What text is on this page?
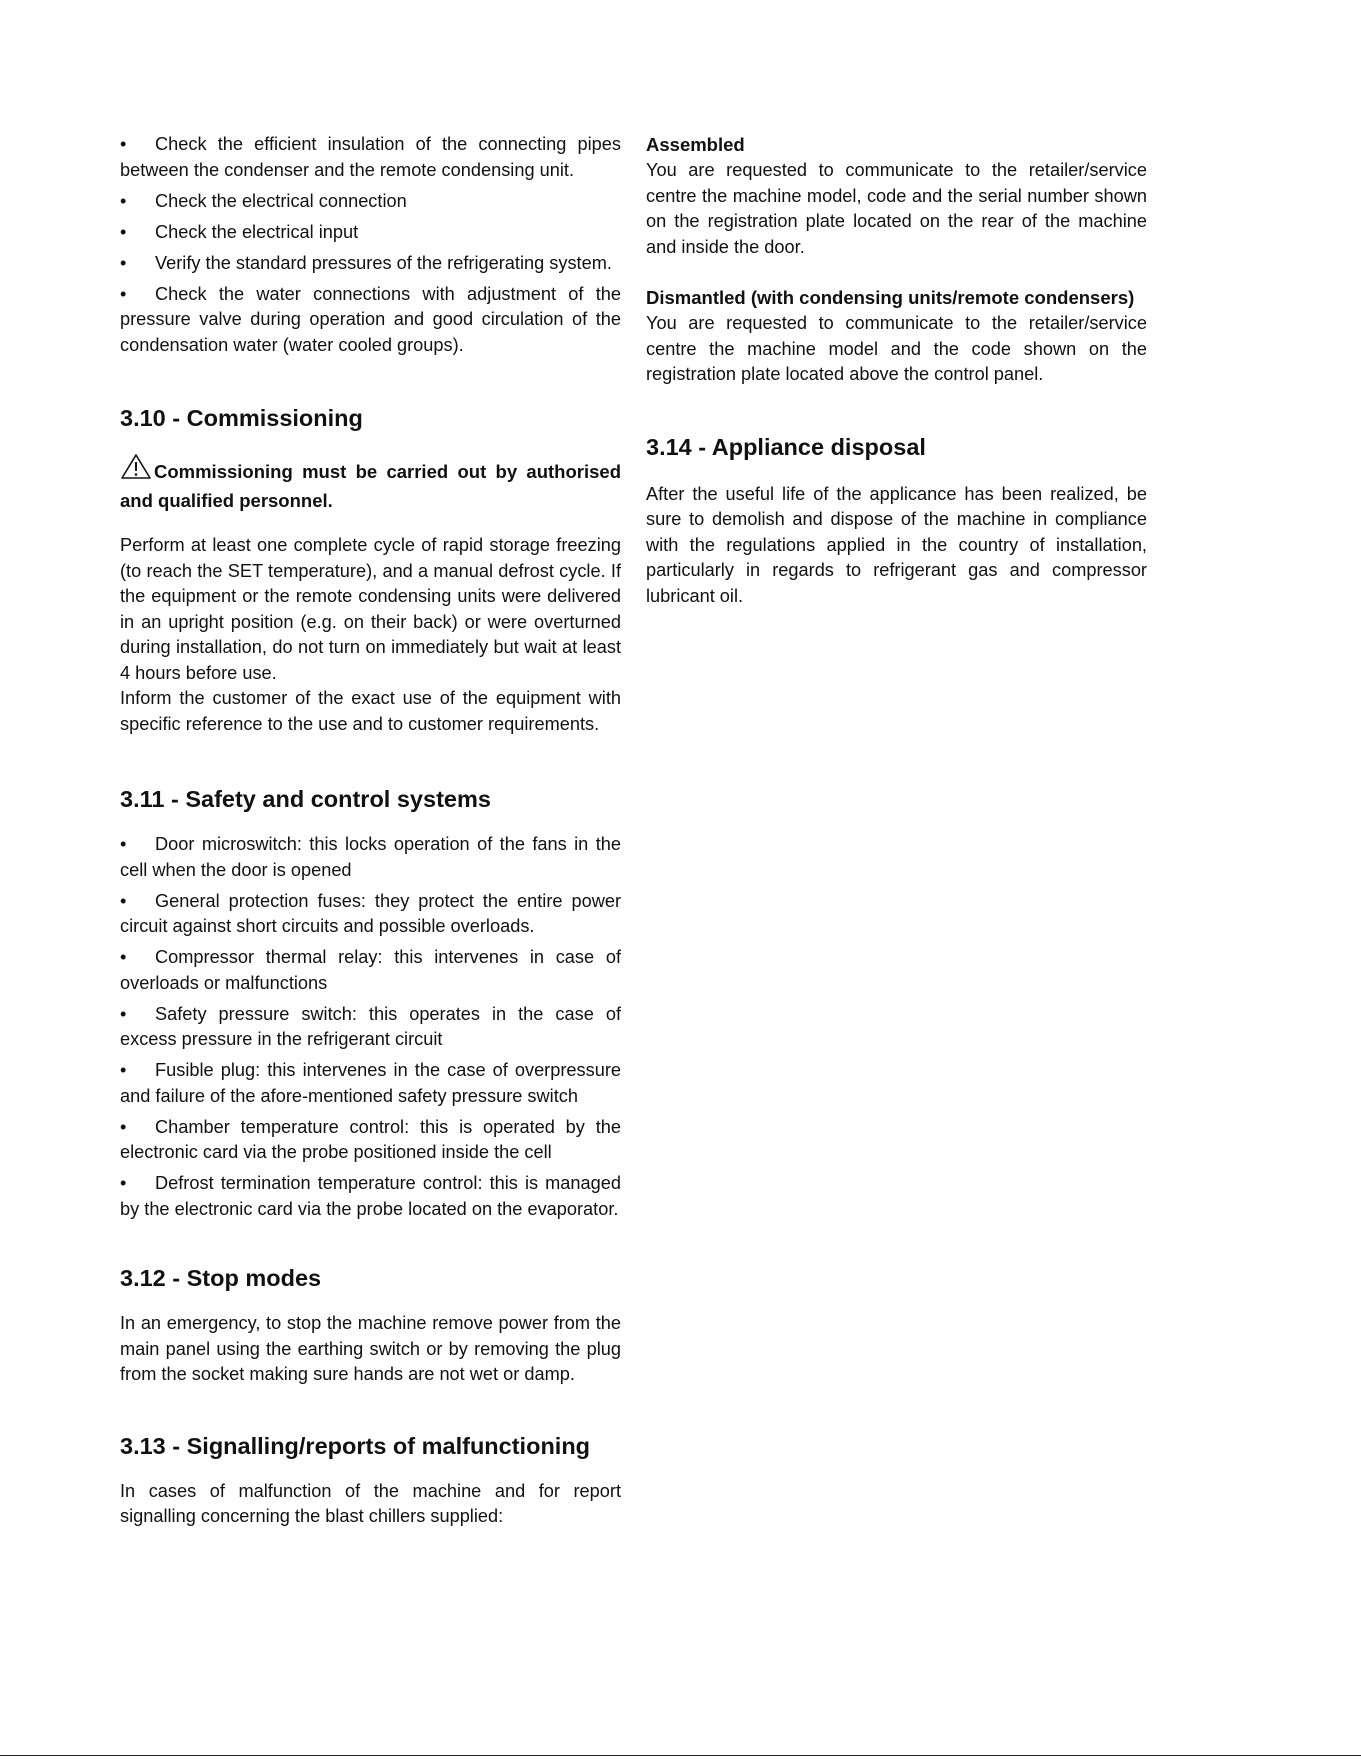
• Check the efficient insulation of the connecting pipes between the condenser and the remote condensing unit.

• Check the electrical connection

• Check the electrical input

• Verify the standard pressures of the refrigerating system.

• Check the water connections with adjustment of the pressure valve during operation and good circulation of the condensation water (water cooled groups).

3.10 - Commissioning

Commissioning must be carried out by authorised and qualified personnel.

Perform at least one complete cycle of rapid storage freezing (to reach the SET temperature), and a manual defrost cycle. If the equipment or the remote condensing units were delivered in an upright position (e.g. on their back) or were overturned during installation, do not turn on immediately but wait at least 4 hours before use.

Inform the customer of the exact use of the equipment with specific reference to the use and to customer requirements.

3.11 - Safety and control systems

• Door microswitch: this locks operation of the fans in the cell when the door is opened

• General protection fuses: they protect the entire power circuit against short circuits and possible overloads.

• Compressor thermal relay: this intervenes in case of overloads or malfunctions

• Safety pressure switch: this operates in the case of excess pressure in the refrigerant circuit

• Fusible plug: this intervenes in the case of overpressure and failure of the afore-mentioned safety pressure switch

• Chamber temperature control: this is operated by the electronic card via the probe positioned inside the cell

• Defrost termination temperature control: this is managed by the electronic card via the probe located on the evaporator.

3.12 - Stop modes

In an emergency, to stop the machine remove power from the main panel using the earthing switch or by removing the plug from the socket making sure hands are not wet or damp.

3.13 - Signalling/reports of malfunctioning

In cases of malfunction of the machine and for report signalling concerning the blast chillers supplied:

Assembled

You are requested to communicate to the retailer/service centre the machine model, code and the serial number shown on the registration plate located on the rear of the machine and inside the door.

Dismantled (with condensing units/remote condensers)

You are requested to communicate to the retailer/service centre the machine model and the code shown on the registration plate located above the control panel.

3.14 - Appliance disposal

After the useful life of the applicance has been realized, be sure to demolish and dispose of the machine in compliance with the regulations applied in the country of installation, particularly in regards to refrigerant gas and compressor lubricant oil.
